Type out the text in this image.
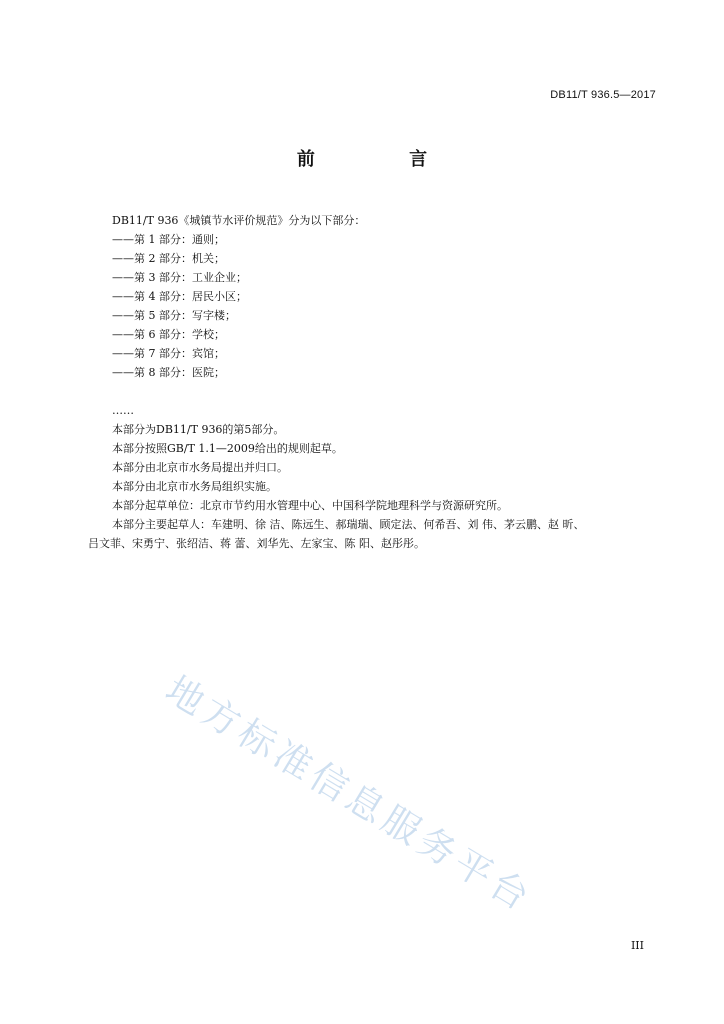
DB11/T 936.5—2017
前 言
DB11/T 936《城镇节水评价规范》分为以下部分：
——第 1 部分：通则；
——第 2 部分：机关；
——第 3 部分：工业企业；
——第 4 部分：居民小区；
——第 5 部分：写字楼；
——第 6 部分：学校；
——第 7 部分：宾馆；
——第 8 部分：医院；
……
本部分为DB11/T 936的第5部分。
本部分按照GB/T 1.1—2009给出的规则起草。
本部分由北京市水务局提出并归口。
本部分由北京市水务局组织实施。
本部分起草单位：北京市节约用水管理中心、中国科学院地理科学与资源研究所。
本部分主要起草人：车建明、徐 洁、陈远生、郝瑞瑞、顾定法、何希吾、刘 伟、茅云鹏、赵 昕、
吕文菲、宋勇宁、张绍洁、蒋 蕾、刘华先、左家宝、陈 阳、赵彤彤。
地方标准信息服务平台
III
